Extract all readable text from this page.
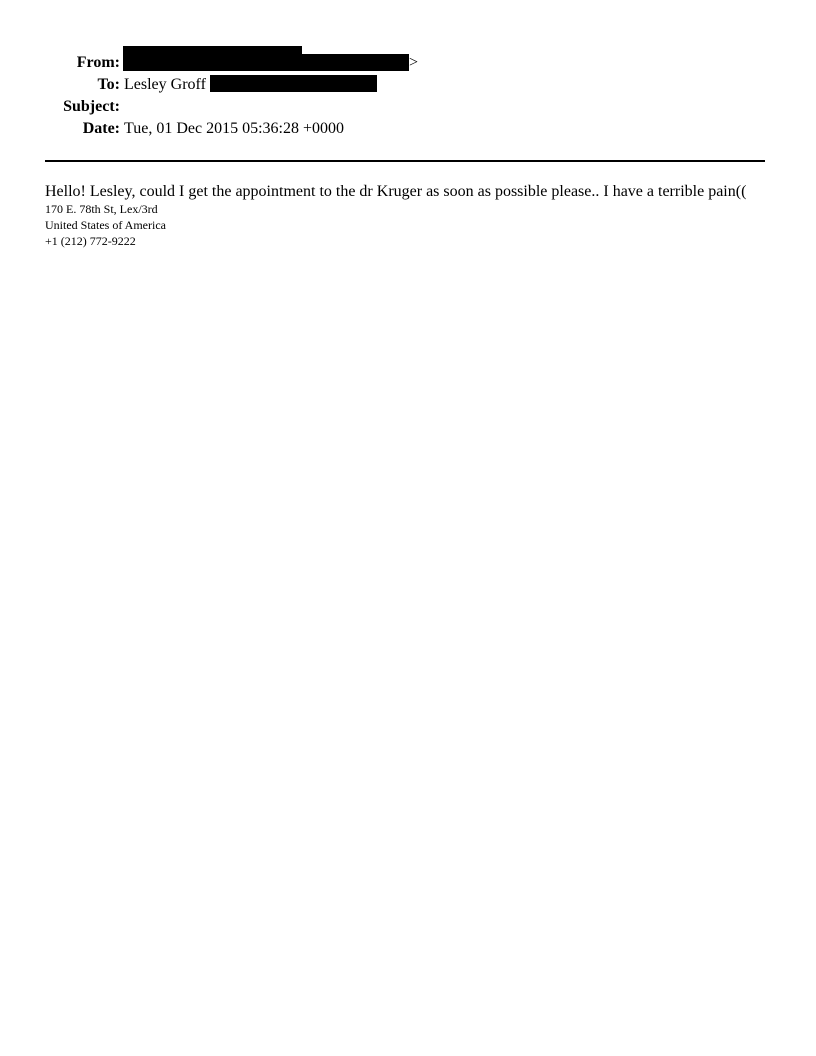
From:	>
To: Lesley Groff
Subject:
Date: Tue, 01 Dec 2015 05:36:28 +0000
Hello! Lesley, could I get the appointment to the dr Kruger as soon as possible please.. I have a terrible pain((
170 E. 78th St, Lex/3rd
United States of America
+1 (212) 772-9222
